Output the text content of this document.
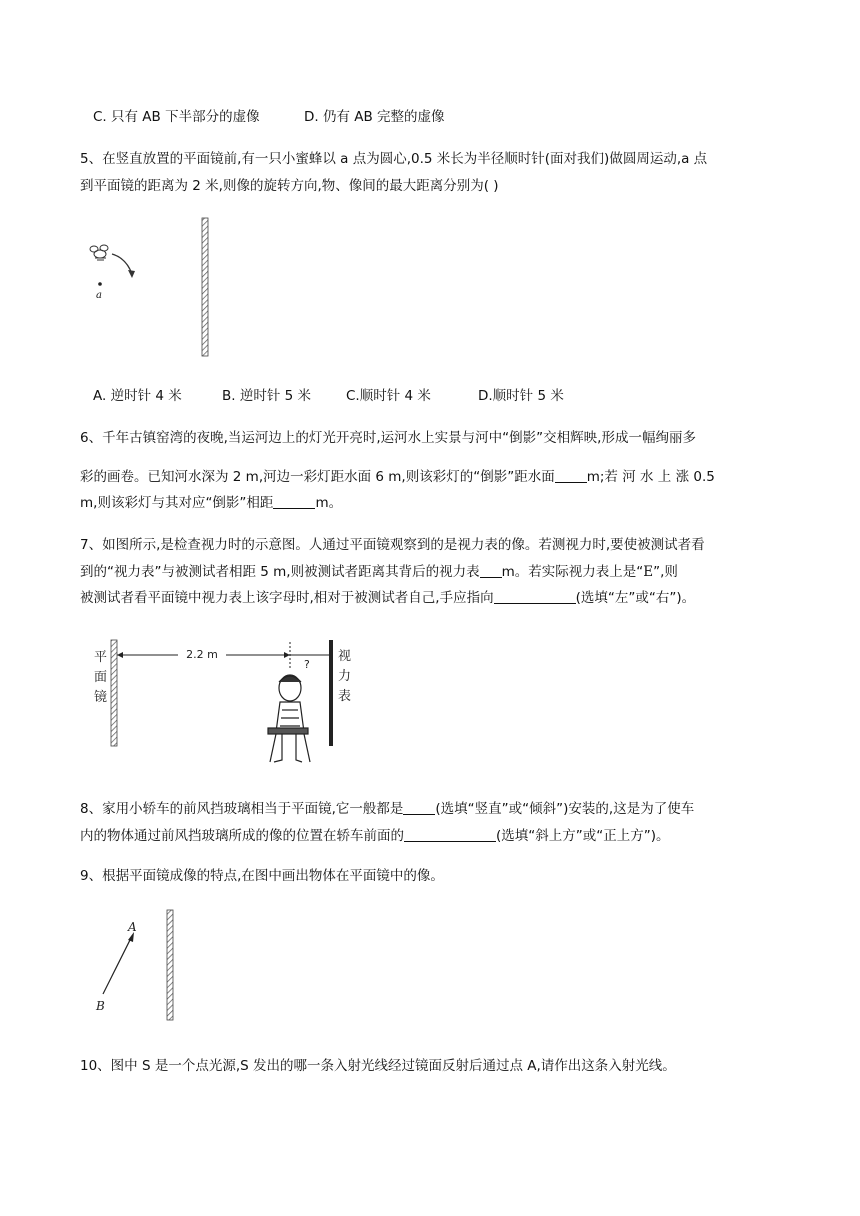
C. 只有 AB 下半部分的虚像	D. 仍有 AB 完整的虚像
5、在竖直放置的平面镜前,有一只小蜜蜂以 a 点为圆心,0.5 米长为半径顺时针(面对我们)做圆周运动,a 点
到平面镜的距离为 2 米,则像的旋转方向,物、像间的最大距离分别为( )
a
A. 逆时针 4 米	B. 逆时针 5 米	C.顺时针 4 米	D.顺时针 5 米
6、千年古镇窑湾的夜晚,当运河边上的灯光开亮时,运河水上实景与河中“倒影”交相辉映,形成一幅绚丽多
彩的画卷。已知河水深为 2 m,河边一彩灯距水面 6 m,则该彩灯的“倒影”距水面 m;若 河 水 上 涨 0.5
m,则该彩灯与其对应“倒影”相距	m。
7、如图所示,是检查视力时的示意图。人通过平面镜观察到的是视力表的像。若测视力时,要使被测试者看
到的“视力表”与被测试者相距 5 m,则被测试者距离其背后的视力表 m。若实际视力表上是“E”,则
被测试者看平面镜中视力表上该字母时,相对于被测试者自己,手应指向	(选填“左”或“右”)。
平
面
镜
2.2 m
?
视
力
表
8、家用小轿车的前风挡玻璃相当于平面镜,它一般都是 (选填“竖直”或“倾斜”)安装的,这是为了使车
内的物体通过前风挡玻璃所成的像的位置在轿车前面的	(选填“斜上方”或“正上方”)。
9、根据平面镜成像的特点,在图中画出物体在平面镜中的像。
A
B
10、图中 S 是一个点光源,S 发出的哪一条入射光线经过镜面反射后通过点 A,请作出这条入射光线。
